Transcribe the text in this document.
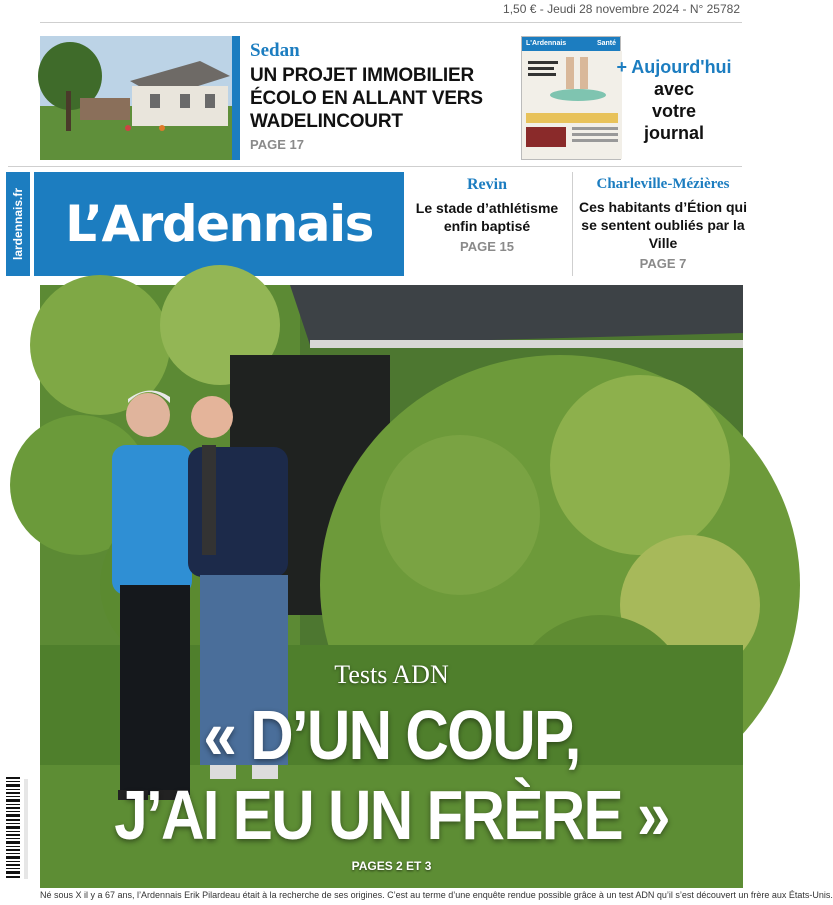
1,50 € - Jeudi 28 novembre 2024 - N° 25782
Sedan
UN PROJET IMMOBILIER ÉCOLO EN ALLANT VERS WADELINCOURT
PAGE 17
L'Ardennais	Santé
+ Aujourd'hui
avec
votre
journal
lardennais.fr L’Ardennais
Revin
Le stade d’athlétisme enfin baptisé
PAGE 15
Charleville-Mézières
Ces habitants d’Étion qui se sentent oubliés par la Ville
PAGE 7
Tests ADN
« D’UN COUP,
J’AI EU UN FRÈRE »
PAGES 2 ET 3
Né sous X il y a 67 ans, l’Ardennais Erik Pilardeau était à la recherche de ses origines. C’est au terme d’une enquête rendue possible grâce à un test ADN qu’il s’est découvert un frère aux États-Unis.
